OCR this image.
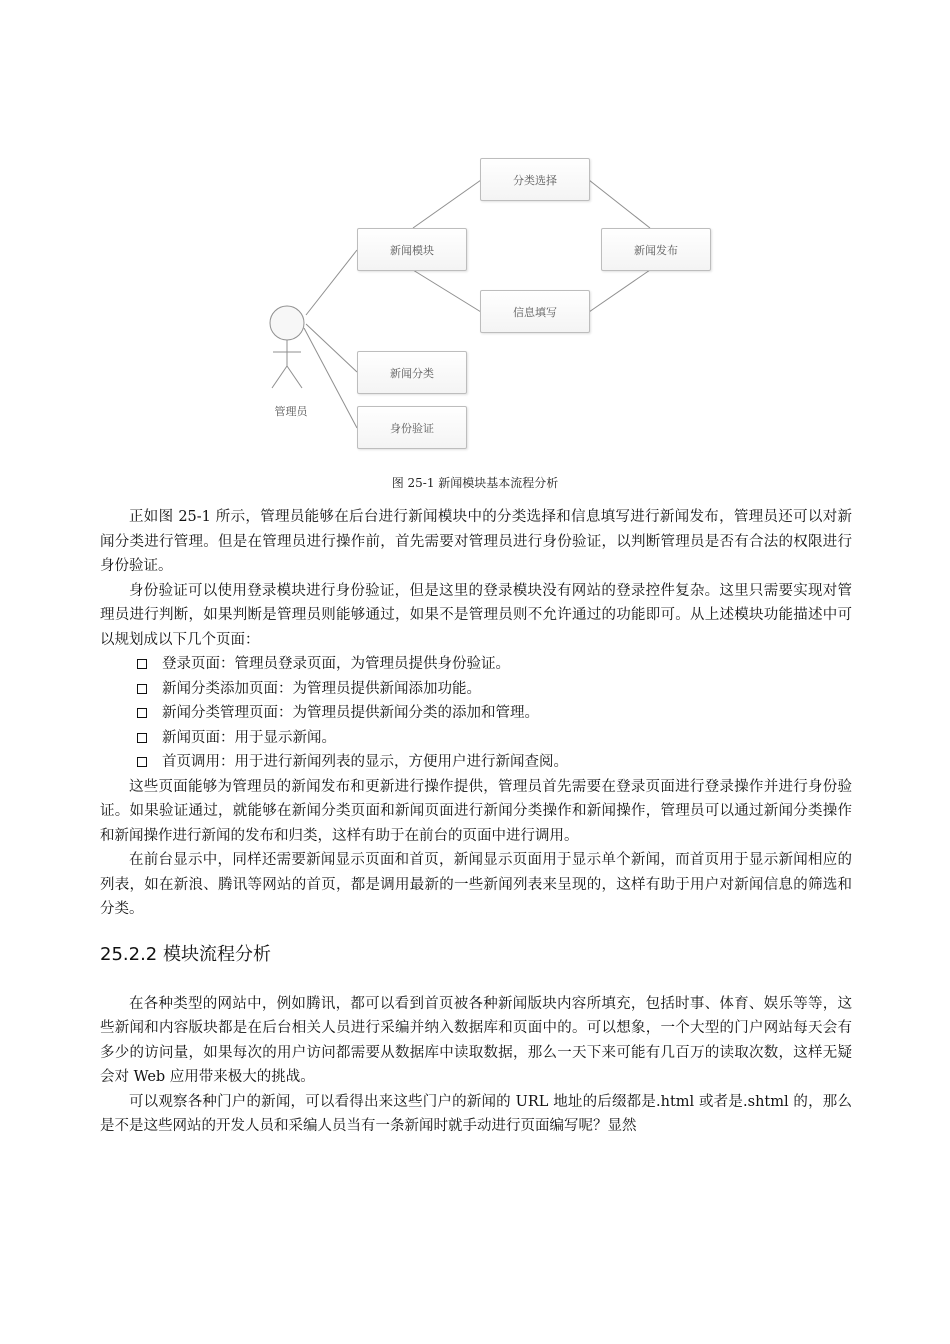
分类选择
新闻模块	新闻发布
信息填写
新闻分类
身份验证
管理员
图 25-1 新闻模块基本流程分析

正如图 25-1 所示，管理员能够在后台进行新闻模块中的分类选择和信息填写进行新闻发布，管理员还可以对新闻分类进行管理。但是在管理员进行操作前，首先需要对管理员进行身份验证，以判断管理员是否有合法的权限进行身份验证。

身份验证可以使用登录模块进行身份验证，但是这里的登录模块没有网站的登录控件复杂。这里只需要实现对管理员进行判断，如果判断是管理员则能够通过，如果不是管理员则不允许通过的功能即可。从上述模块功能描述中可以规划成以下几个页面：

登录页面：管理员登录页面，为管理员提供身份验证。
新闻分类添加页面：为管理员提供新闻添加功能。
新闻分类管理页面：为管理员提供新闻分类的添加和管理。
新闻页面：用于显示新闻。
首页调用：用于进行新闻列表的显示，方便用户进行新闻查阅。

这些页面能够为管理员的新闻发布和更新进行操作提供，管理员首先需要在登录页面进行登录操作并进行身份验证。如果验证通过，就能够在新闻分类页面和新闻页面进行新闻分类操作和新闻操作，管理员可以通过新闻分类操作和新闻操作进行新闻的发布和归类，这样有助于在前台的页面中进行调用。

在前台显示中，同样还需要新闻显示页面和首页，新闻显示页面用于显示单个新闻，而首页用于显示新闻相应的列表，如在新浪、腾讯等网站的首页，都是调用最新的一些新闻列表来呈现的，这样有助于用户对新闻信息的筛选和分类。

25.2.2 模块流程分析

在各种类型的网站中，例如腾讯，都可以看到首页被各种新闻版块内容所填充，包括时事、体育、娱乐等等，这些新闻和内容版块都是在后台相关人员进行采编并纳入数据库和页面中的。可以想象，一个大型的门户网站每天会有多少的访问量，如果每次的用户访问都需要从数据库中读取数据，那么一天下来可能有几百万的读取次数，这样无疑会对 Web 应用带来极大的挑战。

可以观察各种门户的新闻，可以看得出来这些门户的新闻的 URL 地址的后缀都是.html 或者是.shtml 的，那么是不是这些网站的开发人员和采编人员当有一条新闻时就手动进行页面编写呢？显然
